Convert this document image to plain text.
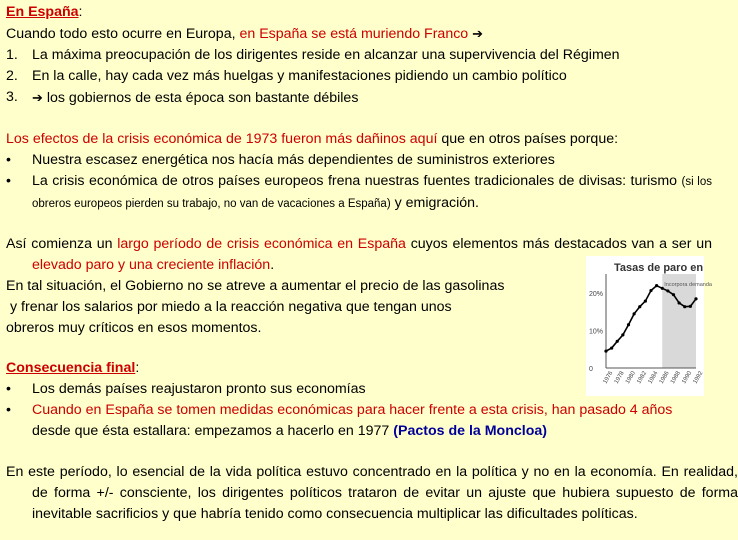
En España:
Cuando todo esto ocurre en Europa, en España se está muriendo Franco ➔
1. La máxima preocupación de los dirigentes reside en alcanzar una supervivencia del Régimen
2. En la calle, hay cada vez más huelgas y manifestaciones pidiendo un cambio político
3.	➔ los gobiernos de esta época son bastante débiles
Los efectos de la crisis económica de 1973 fueron más dañinos aquí que en otros países porque:
•	Nuestra escasez energética nos hacía más dependientes de suministros exteriores
•	La crisis económica de otros países europeos frena nuestras fuentes tradicionales de divisas: turismo (si los obreros europeos pierden su trabajo, no van de vacaciones a España) y emigración.
Así comienza un largo período de crisis económica en España cuyos elementos más destacados van a ser un elevado paro y una creciente inflación.
En tal situación, el Gobierno no se atreve a aumentar el precio de las gasolinas
y frenar los salarios por miedo a la reacción negativa que tengan unos
obreros muy críticos en esos momentos.
Tasas de paro en
20%
10%
0
1976 1978 1980 1982 1984 1986 1988 1990 1992
Incorpora demanda
Consecuencia final:
•	Los demás países reajustaron pronto sus economías
•	Cuando en España se tomen medidas económicas para hacer frente a esta crisis, han pasado 4 años desde que ésta estallara: empezamos a hacerlo en 1977 (Pactos de la Moncloa)
En este período, lo esencial de la vida política estuvo concentrado en la política y no en la economía. En realidad, de forma +/- consciente, los dirigentes políticos trataron de evitar un ajuste que hubiera supuesto de forma inevitable sacrificios y que habría tenido como consecuencia multiplicar las dificultades políticas.
